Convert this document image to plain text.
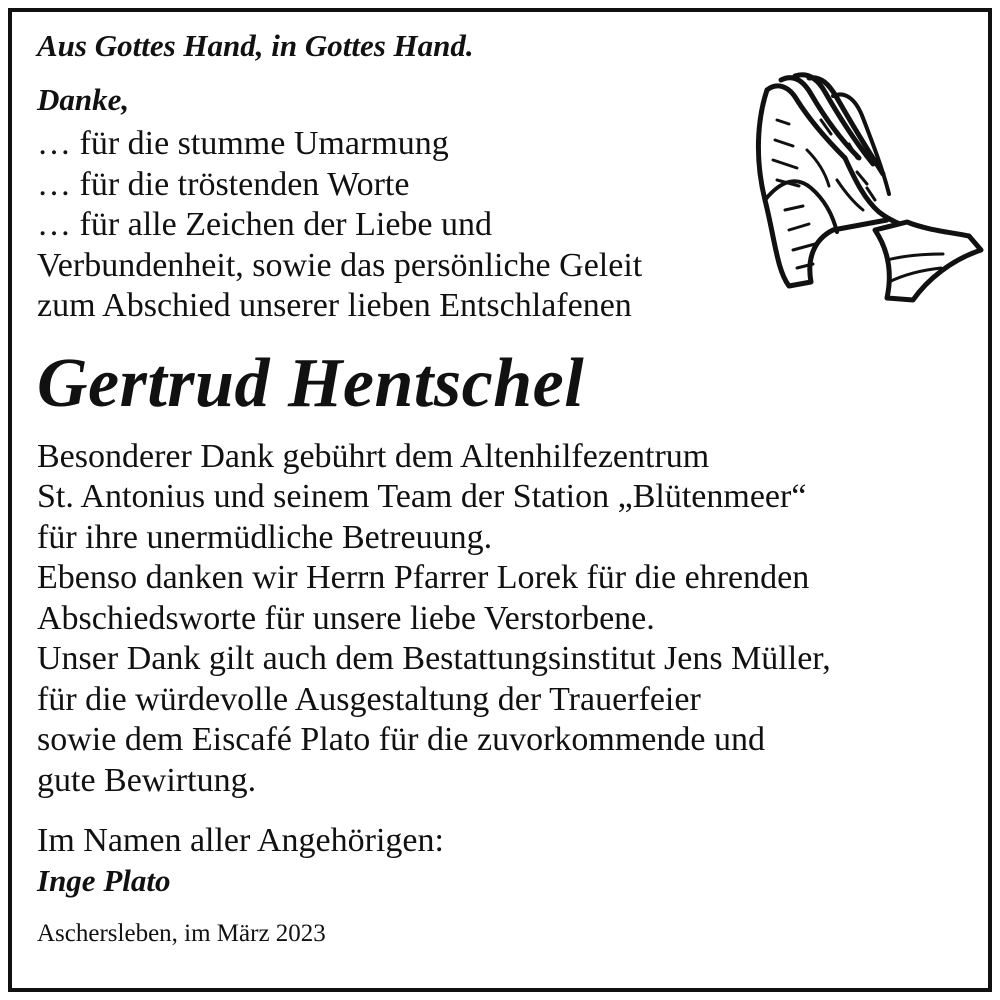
Aus Gottes Hand, in Gottes Hand.

Danke,

… für die stumme Umarmung
… für die tröstenden Worte
… für alle Zeichen der Liebe und
Verbundenheit, sowie das persönliche Geleit
zum Abschied unserer lieben Entschlafenen

Gertrud Hentschel

Besonderer Dank gebührt dem Altenhilfezentrum
St. Antonius und seinem Team der Station „Blütenmeer“
für ihre unermüdliche Betreuung.
Ebenso danken wir Herrn Pfarrer Lorek für die ehrenden
Abschiedsworte für unsere liebe Verstorbene.
Unser Dank gilt auch dem Bestattungsinstitut Jens Müller,
für die würdevolle Ausgestaltung der Trauerfeier
sowie dem Eiscafé Plato für die zuvorkommende und
gute Bewirtung.

Im Namen aller Angehörigen:

Inge Plato

Aschersleben, im März 2023
